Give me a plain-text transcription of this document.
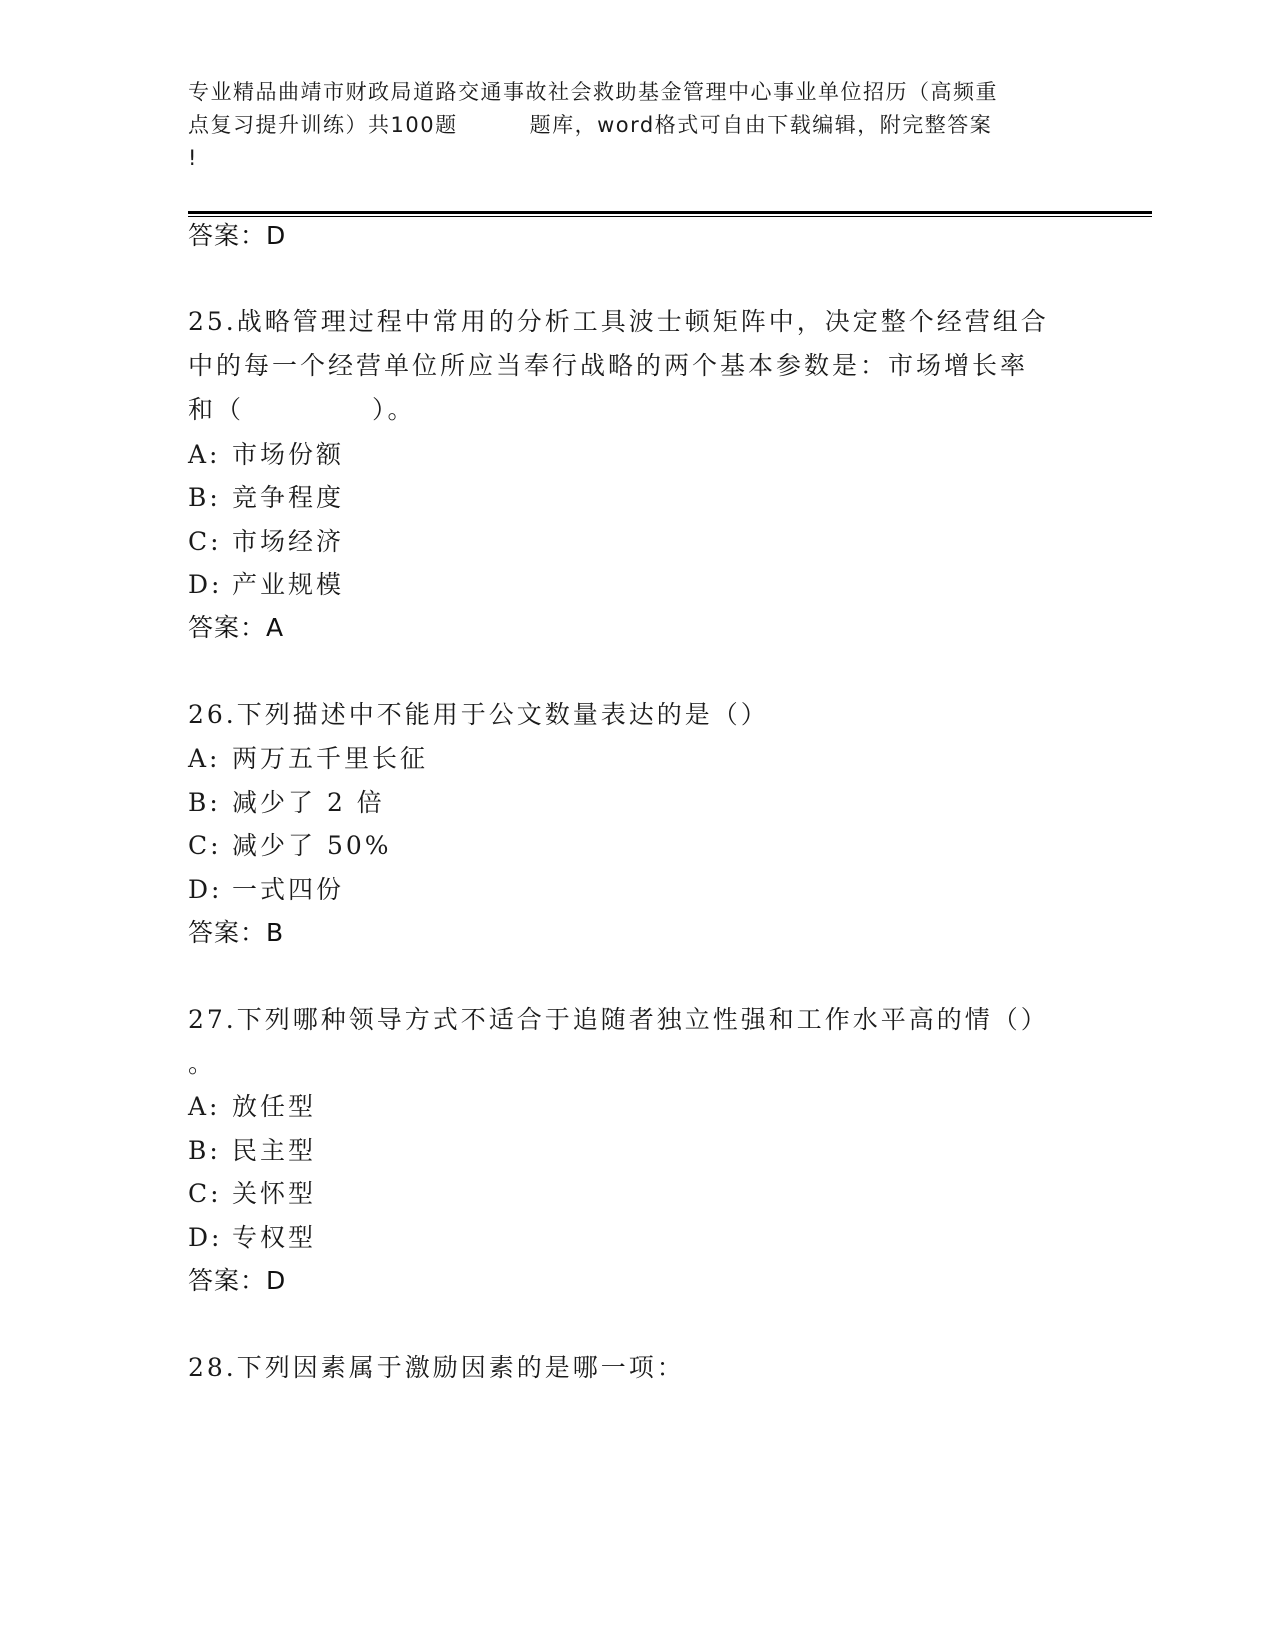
专业精品曲靖市财政局道路交通事故社会救助基金管理中心事业单位招历（高频重
点复习提升训练）共100题	题库，word格式可自由下载编辑，附完整答案
!
答案：D
25.战略管理过程中常用的分析工具波士顿矩阵中，决定整个经营组合
中的每一个经营单位所应当奉行战略的两个基本参数是：市场增长率
和（	）。
A: 市场份额
B: 竞争程度
C: 市场经济
D: 产业规模
答案：A
26.下列描述中不能用于公文数量表达的是（）
A: 两万五千里长征
B: 减少了 2 倍
C: 减少了 50%
D: 一式四份
答案：B
27.下列哪种领导方式不适合于追随者独立性强和工作水平高的情（）
。
A: 放任型
B: 民主型
C: 关怀型
D: 专权型
答案：D
28.下列因素属于激励因素的是哪一项：
